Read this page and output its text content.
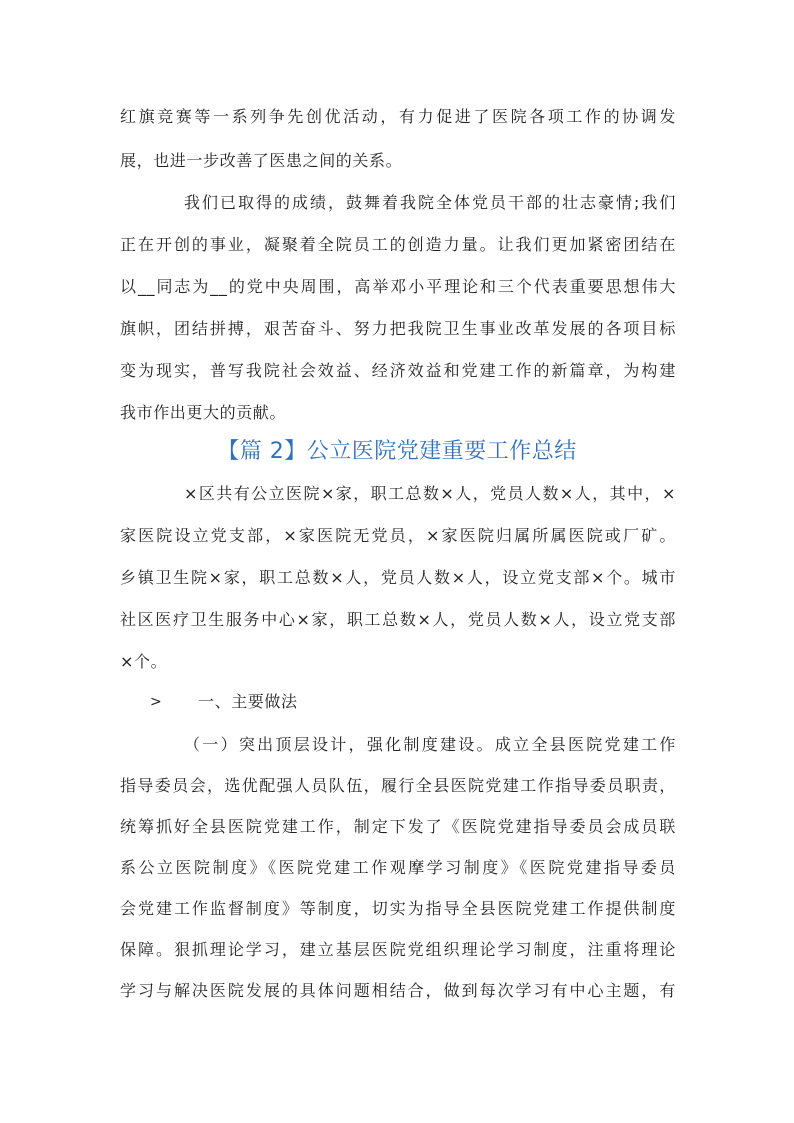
红旗竞赛等一系列争先创优活动，有力促进了医院各项工作的协调发
展，也进一步改善了医患之间的关系。
我们已取得的成绩，鼓舞着我院全体党员干部的壮志豪情;我们
正在开创的事业，凝聚着全院员工的创造力量。让我们更加紧密团结在
以__同志为__的党中央周围，高举邓小平理论和三个代表重要思想伟大
旗帜，团结拼搏，艰苦奋斗、努力把我院卫生事业改革发展的各项目标
变为现实，普写我院社会效益、经济效益和党建工作的新篇章，为构建
我市作出更大的贡献。
【篇 2】公立医院党建重要工作总结
×区共有公立医院×家，职工总数×人，党员人数×人，其中，×
家医院设立党支部，×家医院无党员，×家医院归属所属医院或厂矿。
乡镇卫生院×家，职工总数×人，党员人数×人，设立党支部×个。城市
社区医疗卫生服务中心×家，职工总数×人，党员人数×人，设立党支部
×个。
> 一、主要做法
（一）突出顶层设计，强化制度建设。成立全县医院党建工作
指导委员会，选优配强人员队伍，履行全县医院党建工作指导委员职责，
统筹抓好全县医院党建工作，制定下发了《医院党建指导委员会成员联
系公立医院制度》《医院党建工作观摩学习制度》《医院党建指导委员
会党建工作监督制度》等制度，切实为指导全县医院党建工作提供制度
保障。狠抓理论学习，建立基层医院党组织理论学习制度，注重将理论
学习与解决医院发展的具体问题相结合，做到每次学习有中心主题，有
